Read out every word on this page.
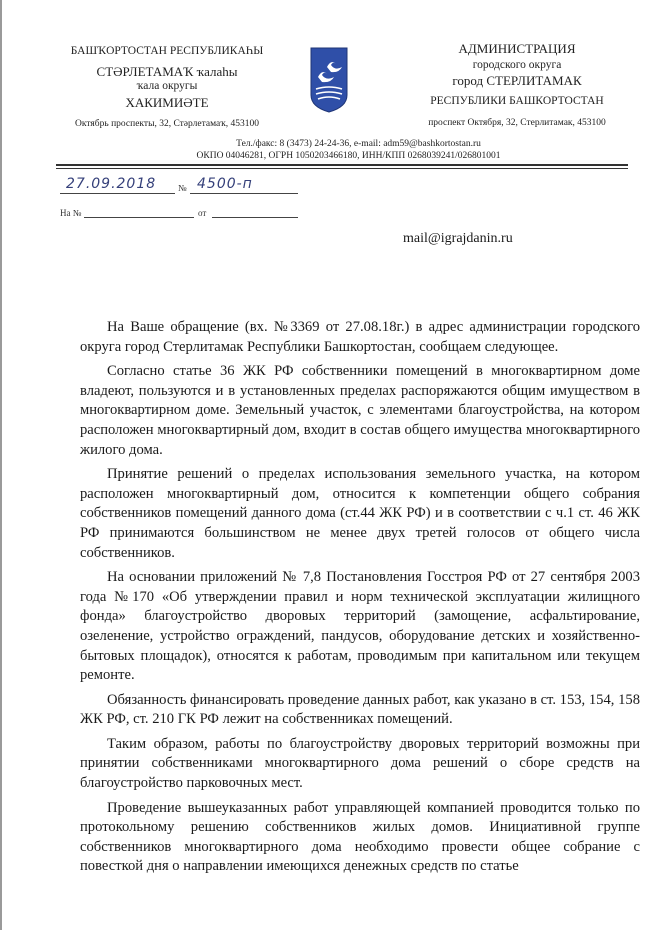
БАШҠОРТОСТАН РЕСПУБЛИКАҺЫ
СТӘРЛЕТАМАҠ ҡалаһы
ҡала округы
ХАКИМИӘТЕ
Октябрь проспекты, 32, Стәрлетамаҡ, 453100
АДМИНИСТРАЦИЯ
городского округа
город СТЕРЛИТАМАК
РЕСПУБЛИКИ БАШКОРТОСТАН
проспект Октября, 32, Стерлитамак, 453100
Тел./факс: 8 (3473) 24-24-36, e-mail: adm59@bashkortostan.ru
ОКПО 04046281, ОГРН 1050203466180, ИНН/КПП 0268039241/026801001
27.09.2018 № 4500-п
На №	от
mail@igrajdanin.ru

На Ваше обращение (вх. №3369 от 27.08.18г.) в адрес администрации городского округа город Стерлитамак Республики Башкортостан, сообщаем следующее.

Согласно статье 36 ЖК РФ собственники помещений в многоквартирном доме владеют, пользуются и в установленных пределах распоряжаются общим имуществом в многоквартирном доме. Земельный участок, с элементами благоустройства, на котором расположен многоквартирный дом, входит в состав общего имущества многоквартирного жилого дома.

Принятие решений о пределах использования земельного участка, на котором расположен многоквартирный дом, относится к компетенции общего собрания собственников помещений данного дома (ст.44 ЖК РФ) и в соответствии с ч.1 ст. 46 ЖК РФ принимаются большинством не менее двух третей голосов от общего числа собственников.

На основании приложений № 7,8 Постановления Госстроя РФ от 27 сентября 2003 года №170 «Об утверждении правил и норм технической эксплуатации жилищного фонда» благоустройство дворовых территорий (замощение, асфальтирование, озеленение, устройство ограждений, пандусов, оборудование детских и хозяйственно-бытовых площадок), относятся к работам, проводимым при капитальном или текущем ремонте.

Обязанность финансировать проведение данных работ, как указано в ст. 153, 154, 158 ЖК РФ, ст. 210 ГК РФ лежит на собственниках помещений.

Таким образом, работы по благоустройству дворовых территорий возможны при принятии собственниками многоквартирного дома решений о сборе средств на благоустройство парковочных мест.

Проведение вышеуказанных работ управляющей компанией проводится только по протокольному решению собственников жилых домов. Инициативной группе собственников многоквартирного дома необходимо провести общее собрание с повесткой дня о направлении имеющихся денежных средств по статье
